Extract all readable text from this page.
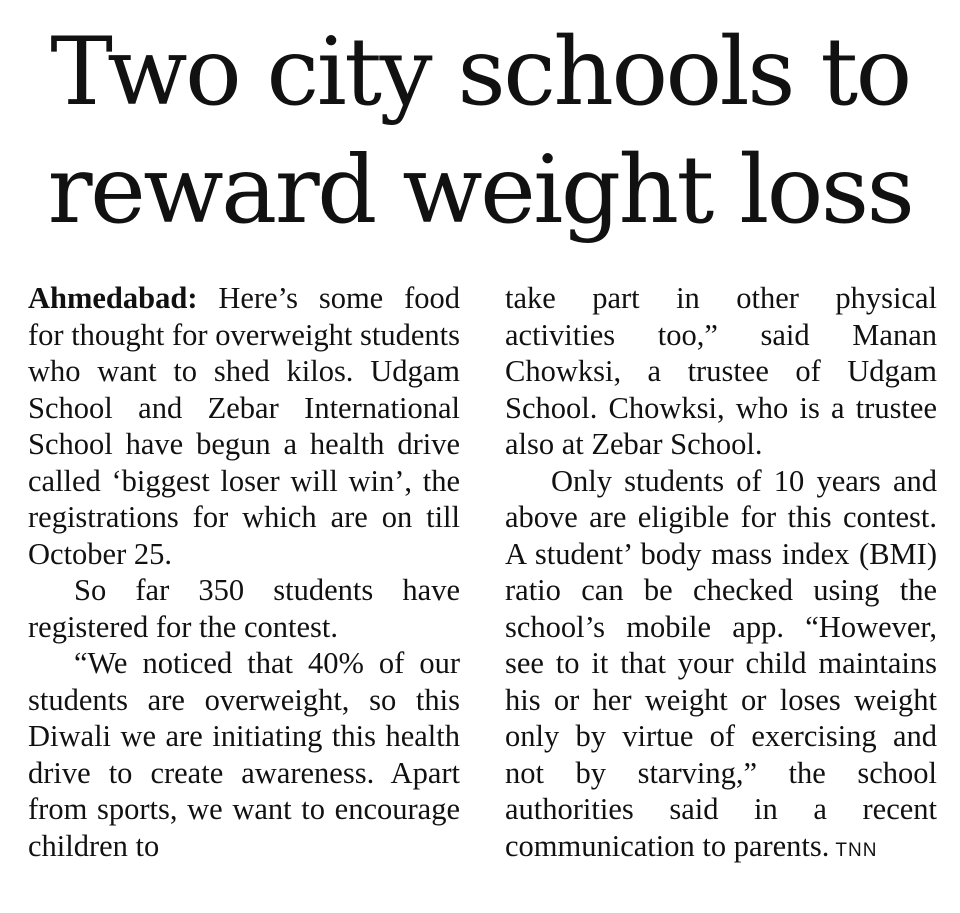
Two city schools to
reward weight loss

Ahmedabad: Here’s some food for thought for overweight students who want to shed kilos. Udgam School and Zebar International School have begun a health drive called ‘biggest loser will win’, the registrations for which are on till October 25.

So far 350 students have registered for the contest.

“We noticed that 40% of our students are overweight, so this Diwali we are initiating this health drive to create awareness. Apart from sports, we want to encourage children to

take part in other physical activities too,” said Manan Chowksi, a trustee of Udgam School. Chowksi, who is a trustee also at Zebar School.

Only students of 10 years and above are eligible for this contest. A student’ body mass index (BMI) ratio can be checked using the school’s mobile app. “However, see to it that your child maintains his or her weight or loses weight only by virtue of exercising and not by starving,” the school authorities said in a recent communication to parents. TNN
